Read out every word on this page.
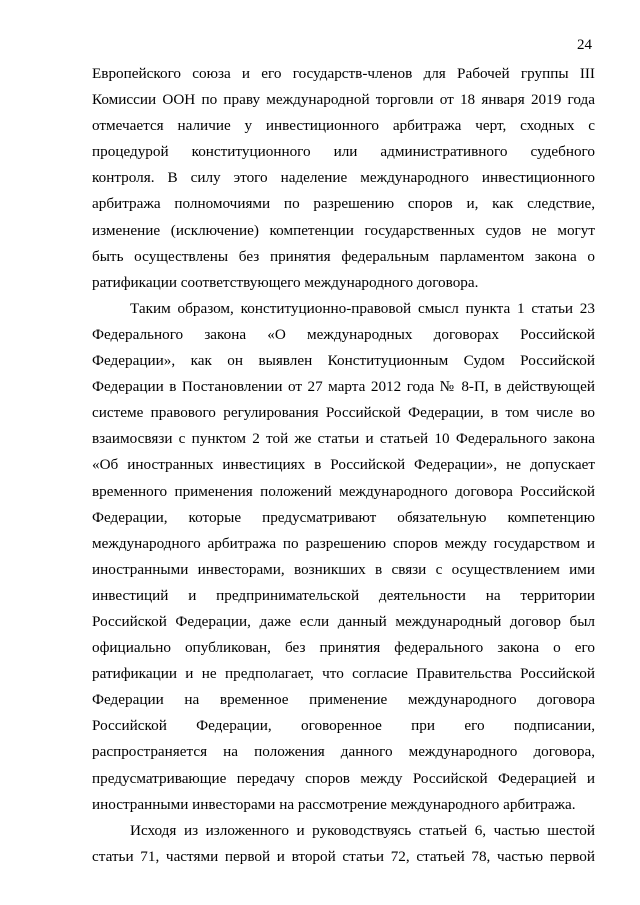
24
Европейского союза и его государств-членов для Рабочей группы III
Комиссии ООН по праву международной торговли от 18 января 2019 года
отмечается наличие у инвестиционного арбитража черт, сходных с
процедурой конституционного или административного судебного
контроля. В силу этого наделение международного инвестиционного
арбитража полномочиями по разрешению споров и, как следствие,
изменение (исключение) компетенции государственных судов не могут
быть осуществлены без принятия федеральным парламентом закона о
ратификации соответствующего международного договора.
Таким образом, конституционно-правовой смысл пункта 1 статьи 23
Федерального закона «О международных договорах Российской
Федерации», как он выявлен Конституционным Судом Российской
Федерации в Постановлении от 27 марта 2012 года № 8-П, в действующей
системе правового регулирования Российской Федерации, в том числе во
взаимосвязи с пунктом 2 той же статьи и статьей 10 Федерального закона
«Об иностранных инвестициях в Российской Федерации», не допускает
временного применения положений международного договора Российской
Федерации, которые предусматривают обязательную компетенцию
международного арбитража по разрешению споров между государством и
иностранными инвесторами, возникших в связи с осуществлением ими
инвестиций и предпринимательской деятельности на территории
Российской Федерации, даже если данный международный договор был
официально опубликован, без принятия федерального закона о его
ратификации и не предполагает, что согласие Правительства Российской
Федерации на временное применение международного договора
Российской Федерации, оговоренное при его подписании,
распространяется на положения данного международного договора,
предусматривающие передачу споров между Российской Федерацией и
иностранными инвесторами на рассмотрение международного арбитража.
Исходя из изложенного и руководствуясь статьей 6, частью шестой
статьи 71, частями первой и второй статьи 72, статьей 78, частью первой
